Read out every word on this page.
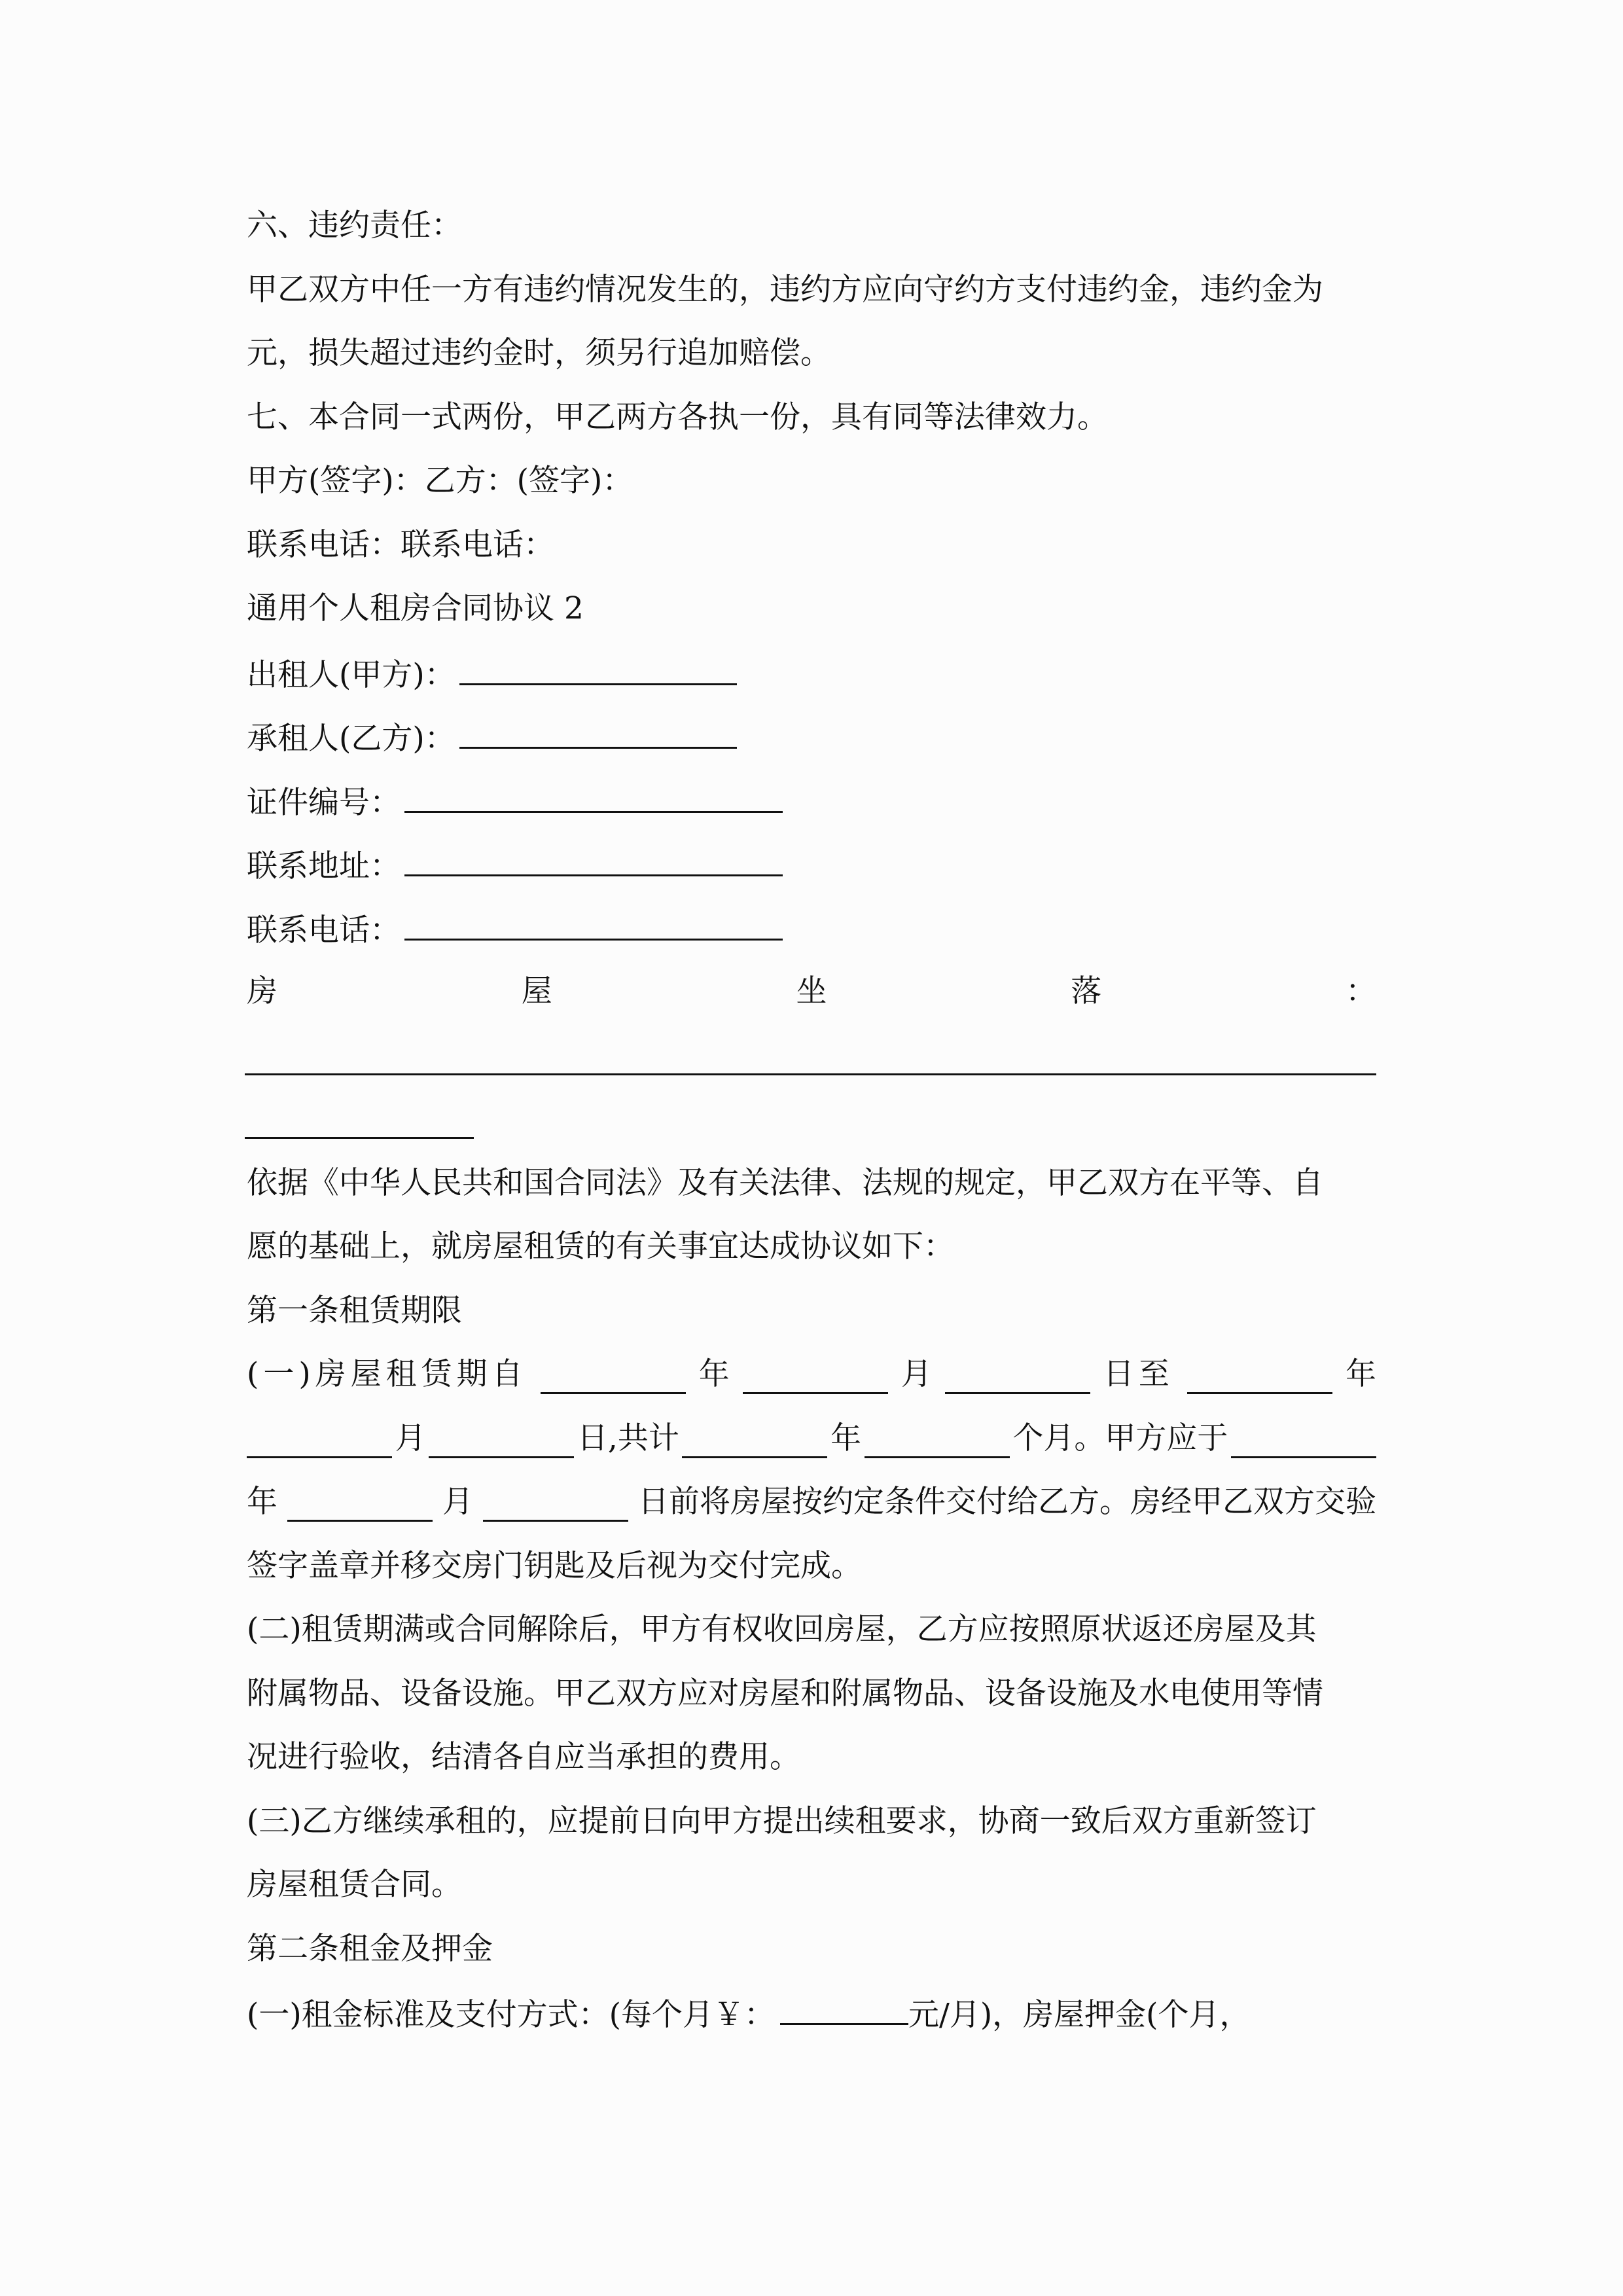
六、违约责任：
甲乙双方中任一方有违约情况发生的，违约方应向守约方支付违约金，违约金为
元，损失超过违约金时，须另行追加赔偿。
七、本合同一式两份，甲乙两方各执一份，具有同等法律效力。
甲方(签字)：乙方：(签字)：
联系电话：联系电话：
通用个人租房合同协议 2
出租人(甲方)：
承租人(乙方)：
证件编号：
联系地址：
联系电话：
房	屋	坐	落	：
依据《中华人民共和国合同法》及有关法律、法规的规定，甲乙双方在平等、自
愿的基础上，就房屋租赁的有关事宜达成协议如下：
第一条租赁期限
(一)房屋租赁期自	年	月	日至	年
月	日,共计	年	个月。甲方应于
年	月	日前将房屋按约定条件交付给乙方。房经甲乙双方交验
签字盖章并移交房门钥匙及后视为交付完成。
(二)租赁期满或合同解除后，甲方有权收回房屋，乙方应按照原状返还房屋及其
附属物品、设备设施。甲乙双方应对房屋和附属物品、设备设施及水电使用等情
况进行验收，结清各自应当承担的费用。
(三)乙方继续承租的，应提前日向甲方提出续租要求，协商一致后双方重新签订
房屋租赁合同。
第二条租金及押金
(一)租金标准及支付方式：(每个月￥：	元/月)，房屋押金(个月，
